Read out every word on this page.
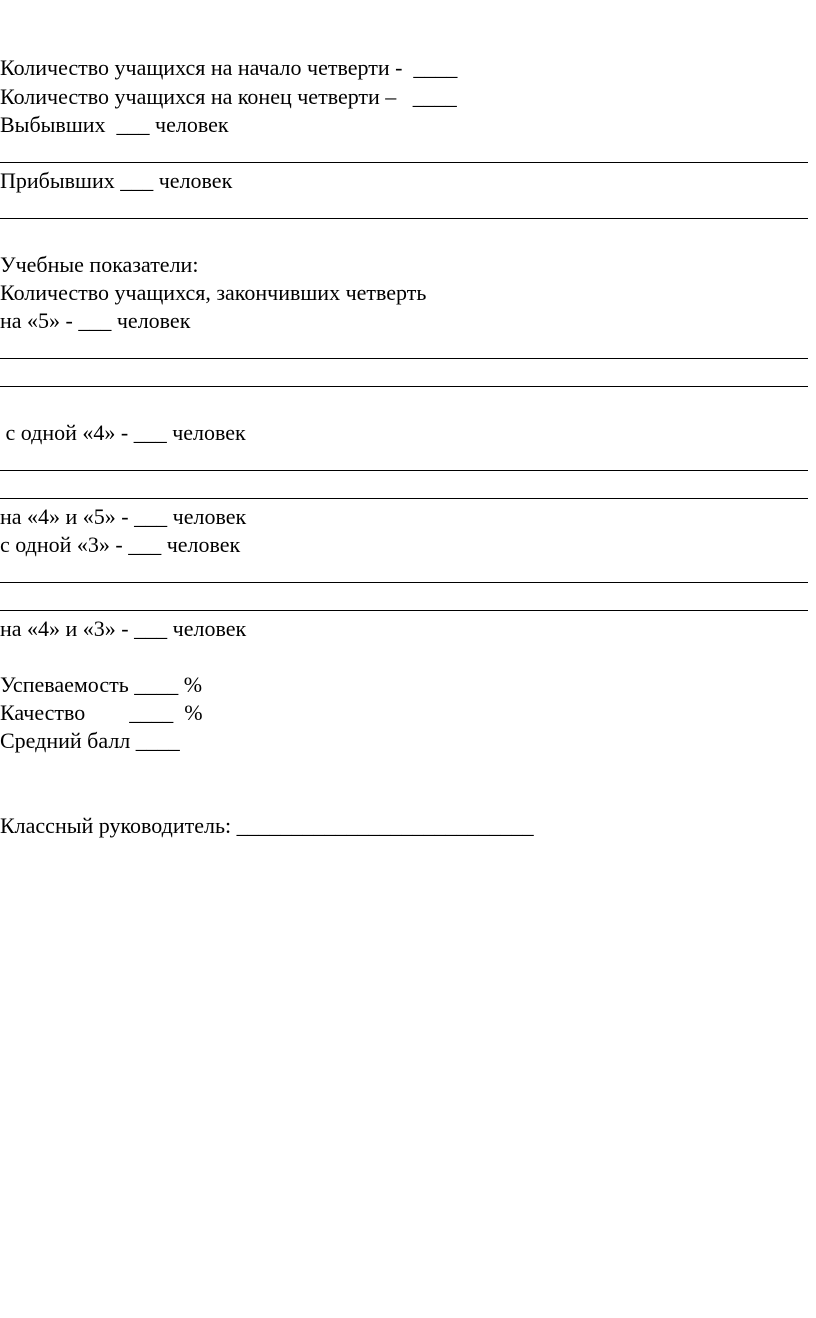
Количество учащихся на начало четверти -  ____
Количество учащихся на конец четверти –   ____
Выбывших  ___ человек
Прибывших ___ человек
Учебные показатели:
Количество учащихся, закончивших четверть
на «5» - ___ человек
с одной «4» - ___ человек
на «4» и «5» - ___ человек
с одной «3» - ___ человек
на «4» и «3» - ___ человек
Успеваемость ____ %
Качество        ____  %
Средний балл ____
Классный руководитель: ___________________________
